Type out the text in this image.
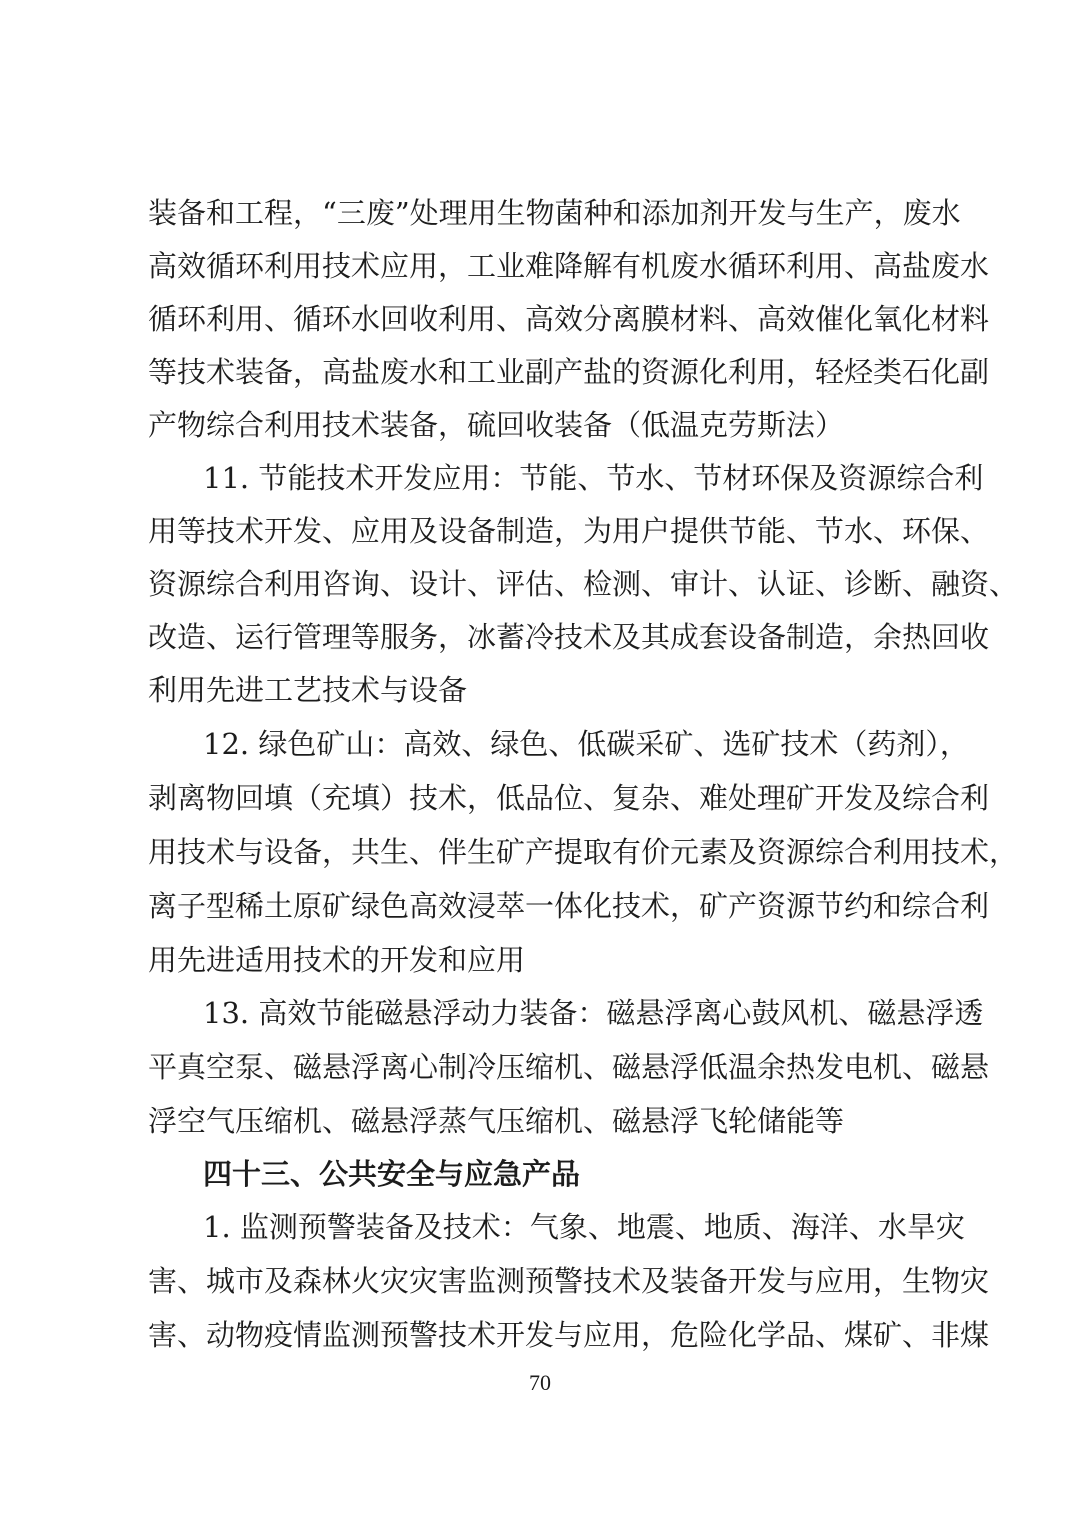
装备和工程，“三废”处理用生物菌种和添加剂开发与生产，废水
高效循环利用技术应用，工业难降解有机废水循环利用、高盐废水
循环利用、循环水回收利用、高效分离膜材料、高效催化氧化材料
等技术装备，高盐废水和工业副产盐的资源化利用，轻烃类石化副
产物综合利用技术装备，硫回收装备（低温克劳斯法）
11. 节能技术开发应用：节能、节水、节材环保及资源综合利
用等技术开发、应用及设备制造，为用户提供节能、节水、环保、
资源综合利用咨询、设计、评估、检测、审计、认证、诊断、融资、
改造、运行管理等服务，冰蓄冷技术及其成套设备制造，余热回收
利用先进工艺技术与设备
12. 绿色矿山：高效、绿色、低碳采矿、选矿技术（药剂），
剥离物回填（充填）技术，低品位、复杂、难处理矿开发及综合利
用技术与设备，共生、伴生矿产提取有价元素及资源综合利用技术，
离子型稀土原矿绿色高效浸萃一体化技术，矿产资源节约和综合利
用先进适用技术的开发和应用
13. 高效节能磁悬浮动力装备：磁悬浮离心鼓风机、磁悬浮透
平真空泵、磁悬浮离心制冷压缩机、磁悬浮低温余热发电机、磁悬
浮空气压缩机、磁悬浮蒸气压缩机、磁悬浮飞轮储能等
四十三、公共安全与应急产品
1. 监测预警装备及技术：气象、地震、地质、海洋、水旱灾
害、城市及森林火灾灾害监测预警技术及装备开发与应用，生物灾
害、动物疫情监测预警技术开发与应用，危险化学品、煤矿、非煤
70
